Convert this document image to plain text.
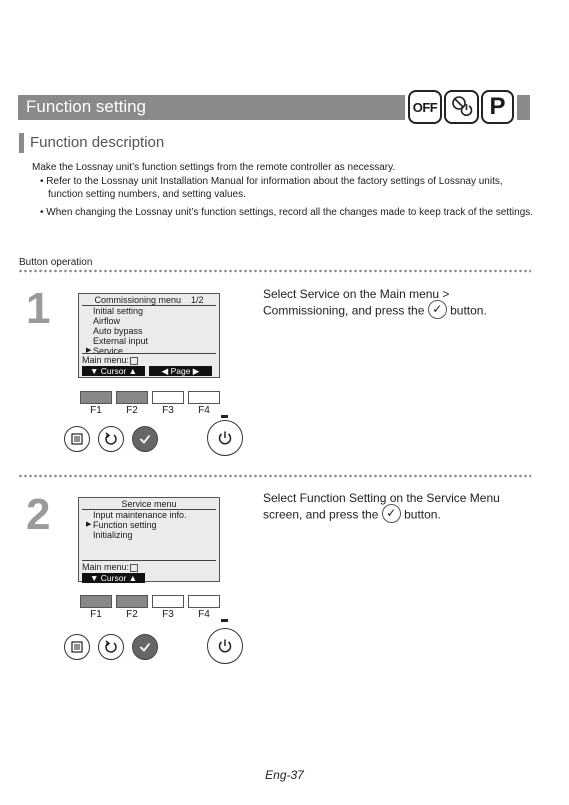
Function setting	OFF	P
Function description
Make the Lossnay unit’s function settings from the remote controller as necessary.
• Refer to the Lossnay unit Installation Manual for information about the factory settings of Lossnay units, function setting numbers, and setting values.
• When changing the Lossnay unit’s function settings, record all the changes made to keep track of the settings.
Button operation
1	Commissioning menu 1/2
Initial setting
Airflow
Auto bypass
External input
▶ Service
Main menu:
▼ Cursor ▲	◀ Page ▶
F1	F2	F3	F4
Select Service on the Main menu > Commissioning, and press the ✓ button.
2	Service menu
Input maintenance info.
▶ Function setting
Initializing
Main menu:
▼ Cursor ▲
F1	F2	F3	F4
Select Function Setting on the Service Menu screen, and press the ✓ button.
Eng-37
